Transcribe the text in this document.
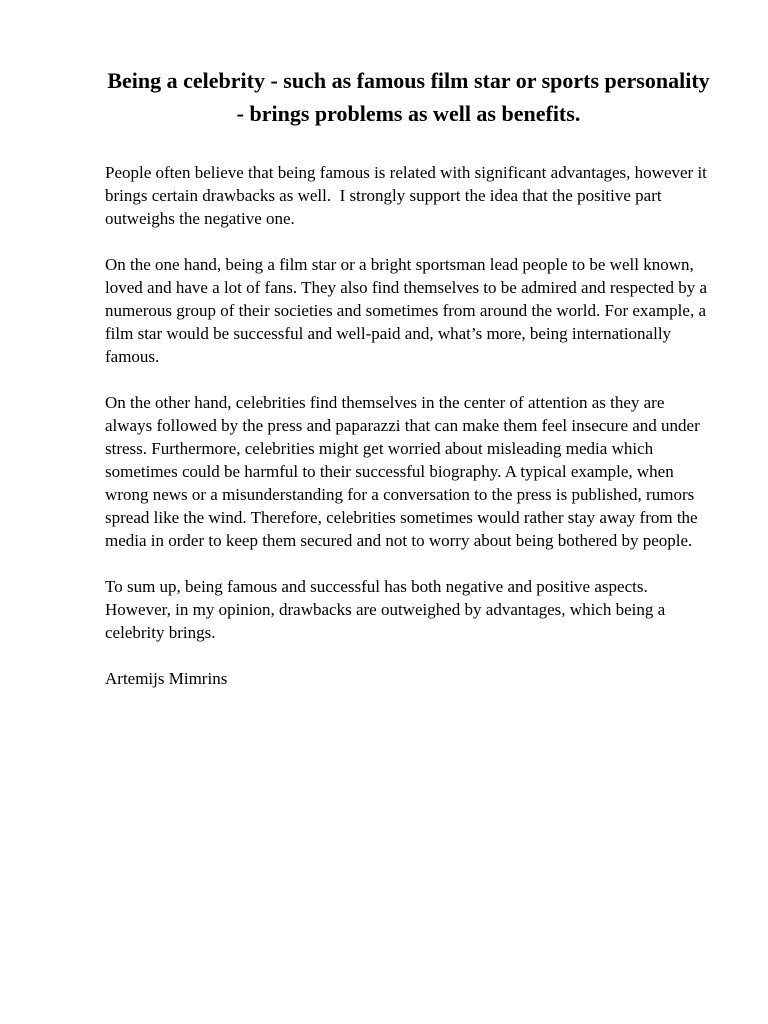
Being a celebrity - such as famous film star or sports personality
- brings problems as well as benefits.

People often believe that being famous is related with significant advantages, however it brings certain drawbacks as well.  I strongly support the idea that the positive part outweighs the negative one.

On the one hand, being a film star or a bright sportsman lead people to be well known, loved and have a lot of fans. They also find themselves to be admired and respected by a numerous group of their societies and sometimes from around the world. For example, a film star would be successful and well-paid and, what’s more, being internationally famous.

On the other hand, celebrities find themselves in the center of attention as they are always followed by the press and paparazzi that can make them feel insecure and under stress. Furthermore, celebrities might get worried about misleading media which sometimes could be harmful to their successful biography. A typical example, when wrong news or a misunderstanding for a conversation to the press is published, rumors spread like the wind. Therefore, celebrities sometimes would rather stay away from the media in order to keep them secured and not to worry about being bothered by people.

To sum up, being famous and successful has both negative and positive aspects. However, in my opinion, drawbacks are outweighed by advantages, which being a celebrity brings.

Artemijs Mimrins
